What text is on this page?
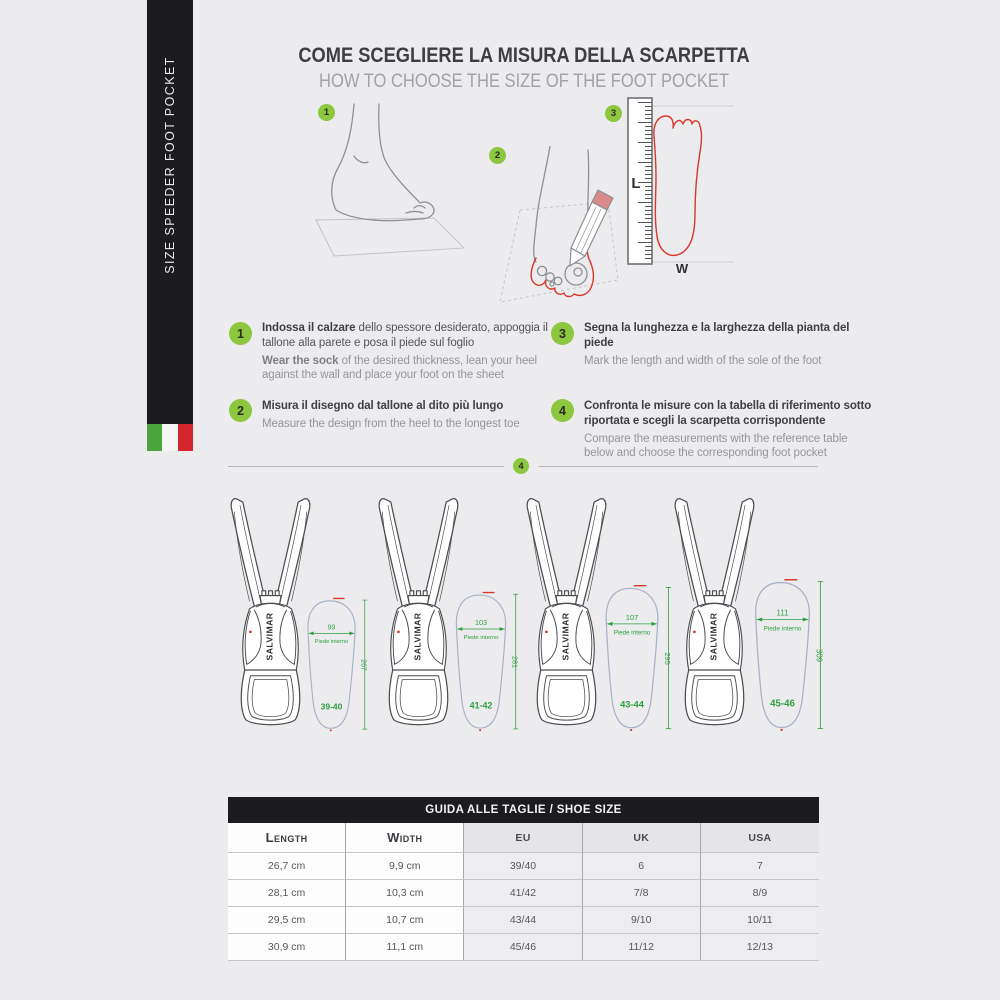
SIZE SPEEDER FOOT POCKET
COME SCEGLIERE LA MISURA DELLA SCARPETTA
HOW TO CHOOSE THE SIZE OF THE FOOT POCKET
1
2
3
L
W
1	Indossa il calzare dello spessore desiderato, appoggia il tallone alla parete e posa il piede sul foglio
Wear the sock of the desired thickness, lean your heel against the wall and place your foot on the sheet
2	Misura il disegno dal tallone al dito più lungo
Measure the design from the heel to the longest toe
3	Segna la lunghezza e la larghezza della pianta del piede
Mark the length and width of the sole of the foot
4	Confronta le misure con la tabella di riferimento sotto riportata e scegli la scarpetta corrispondente
Compare the measurements with the reference table below and choose the corresponding foot pocket
4
99
Piede interno
267
39-40
103
Piede interno
281
41-42
107
Piede interno
295
43-44
111
Piede interno
309
45-46
GUIDA ALLE TAGLIE / SHOE SIZE
Length	Width	EU	UK	USA
26,7 cm	9,9 cm	39/40	6	7
28,1 cm	10,3 cm	41/42	7/8	8/9
29,5 cm	10,7 cm	43/44	9/10	10/11
30,9 cm	11,1 cm	45/46	11/12	12/13
